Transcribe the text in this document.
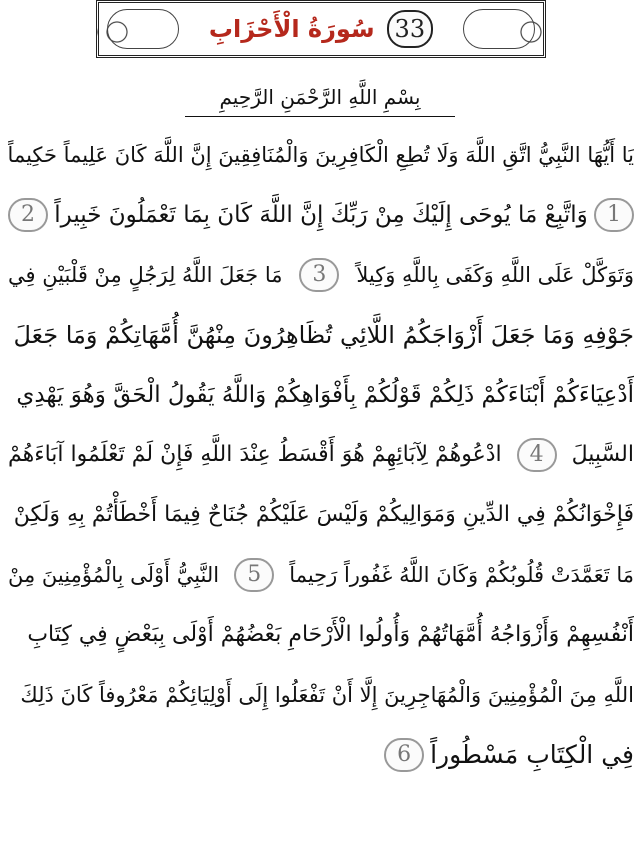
33
سُورَةُ الْأَحْزَابِ
بِسْمِ اللَّهِ الرَّحْمَنِ الرَّحِيمِ
يَا أَيُّهَا النَّبِيُّ اتَّقِ اللَّهَ وَلَا تُطِعِ الْكَافِرِينَ وَالْمُنَافِقِينَ إِنَّ اللَّهَ كَانَ عَلِيماً حَكِيماً
1
وَاتَّبِعْ مَا يُوحَى إِلَيْكَ مِنْ رَبِّكَ إِنَّ اللَّهَ كَانَ بِمَا تَعْمَلُونَ خَبِيراً
2
وَتَوَكَّلْ عَلَى اللَّهِ وَكَفَى بِاللَّهِ وَكِيلاً
3
مَا جَعَلَ اللَّهُ لِرَجُلٍ مِنْ قَلْبَيْنِ فِي
جَوْفِهِ وَمَا جَعَلَ أَزْوَاجَكُمُ اللَّائِي تُظَاهِرُونَ مِنْهُنَّ أُمَّهَاتِكُمْ وَمَا جَعَلَ
أَدْعِيَاءَكُمْ أَبْنَاءَكُمْ ذَلِكُمْ قَوْلُكُمْ بِأَفْوَاهِكُمْ وَاللَّهُ يَقُولُ الْحَقَّ وَهُوَ يَهْدِي
السَّبِيلَ
4
ادْعُوهُمْ لِآبَائِهِمْ هُوَ أَقْسَطُ عِنْدَ اللَّهِ فَإِنْ لَمْ تَعْلَمُوا آبَاءَهُمْ
فَإِخْوَانُكُمْ فِي الدِّينِ وَمَوَالِيكُمْ وَلَيْسَ عَلَيْكُمْ جُنَاحٌ فِيمَا أَخْطَأْتُمْ بِهِ وَلَكِنْ
مَا تَعَمَّدَتْ قُلُوبُكُمْ وَكَانَ اللَّهُ غَفُوراً رَحِيماً
5
النَّبِيُّ أَوْلَى بِالْمُؤْمِنِينَ مِنْ
أَنْفُسِهِمْ وَأَزْوَاجُهُ أُمَّهَاتُهُمْ وَأُولُوا الْأَرْحَامِ بَعْضُهُمْ أَوْلَى بِبَعْضٍ فِي كِتَابِ
اللَّهِ مِنَ الْمُؤْمِنِينَ وَالْمُهَاجِرِينَ إِلَّا أَنْ تَفْعَلُوا إِلَى أَوْلِيَائِكُمْ مَعْرُوفاً كَانَ ذَلِكَ
فِي الْكِتَابِ مَسْطُوراً
6
